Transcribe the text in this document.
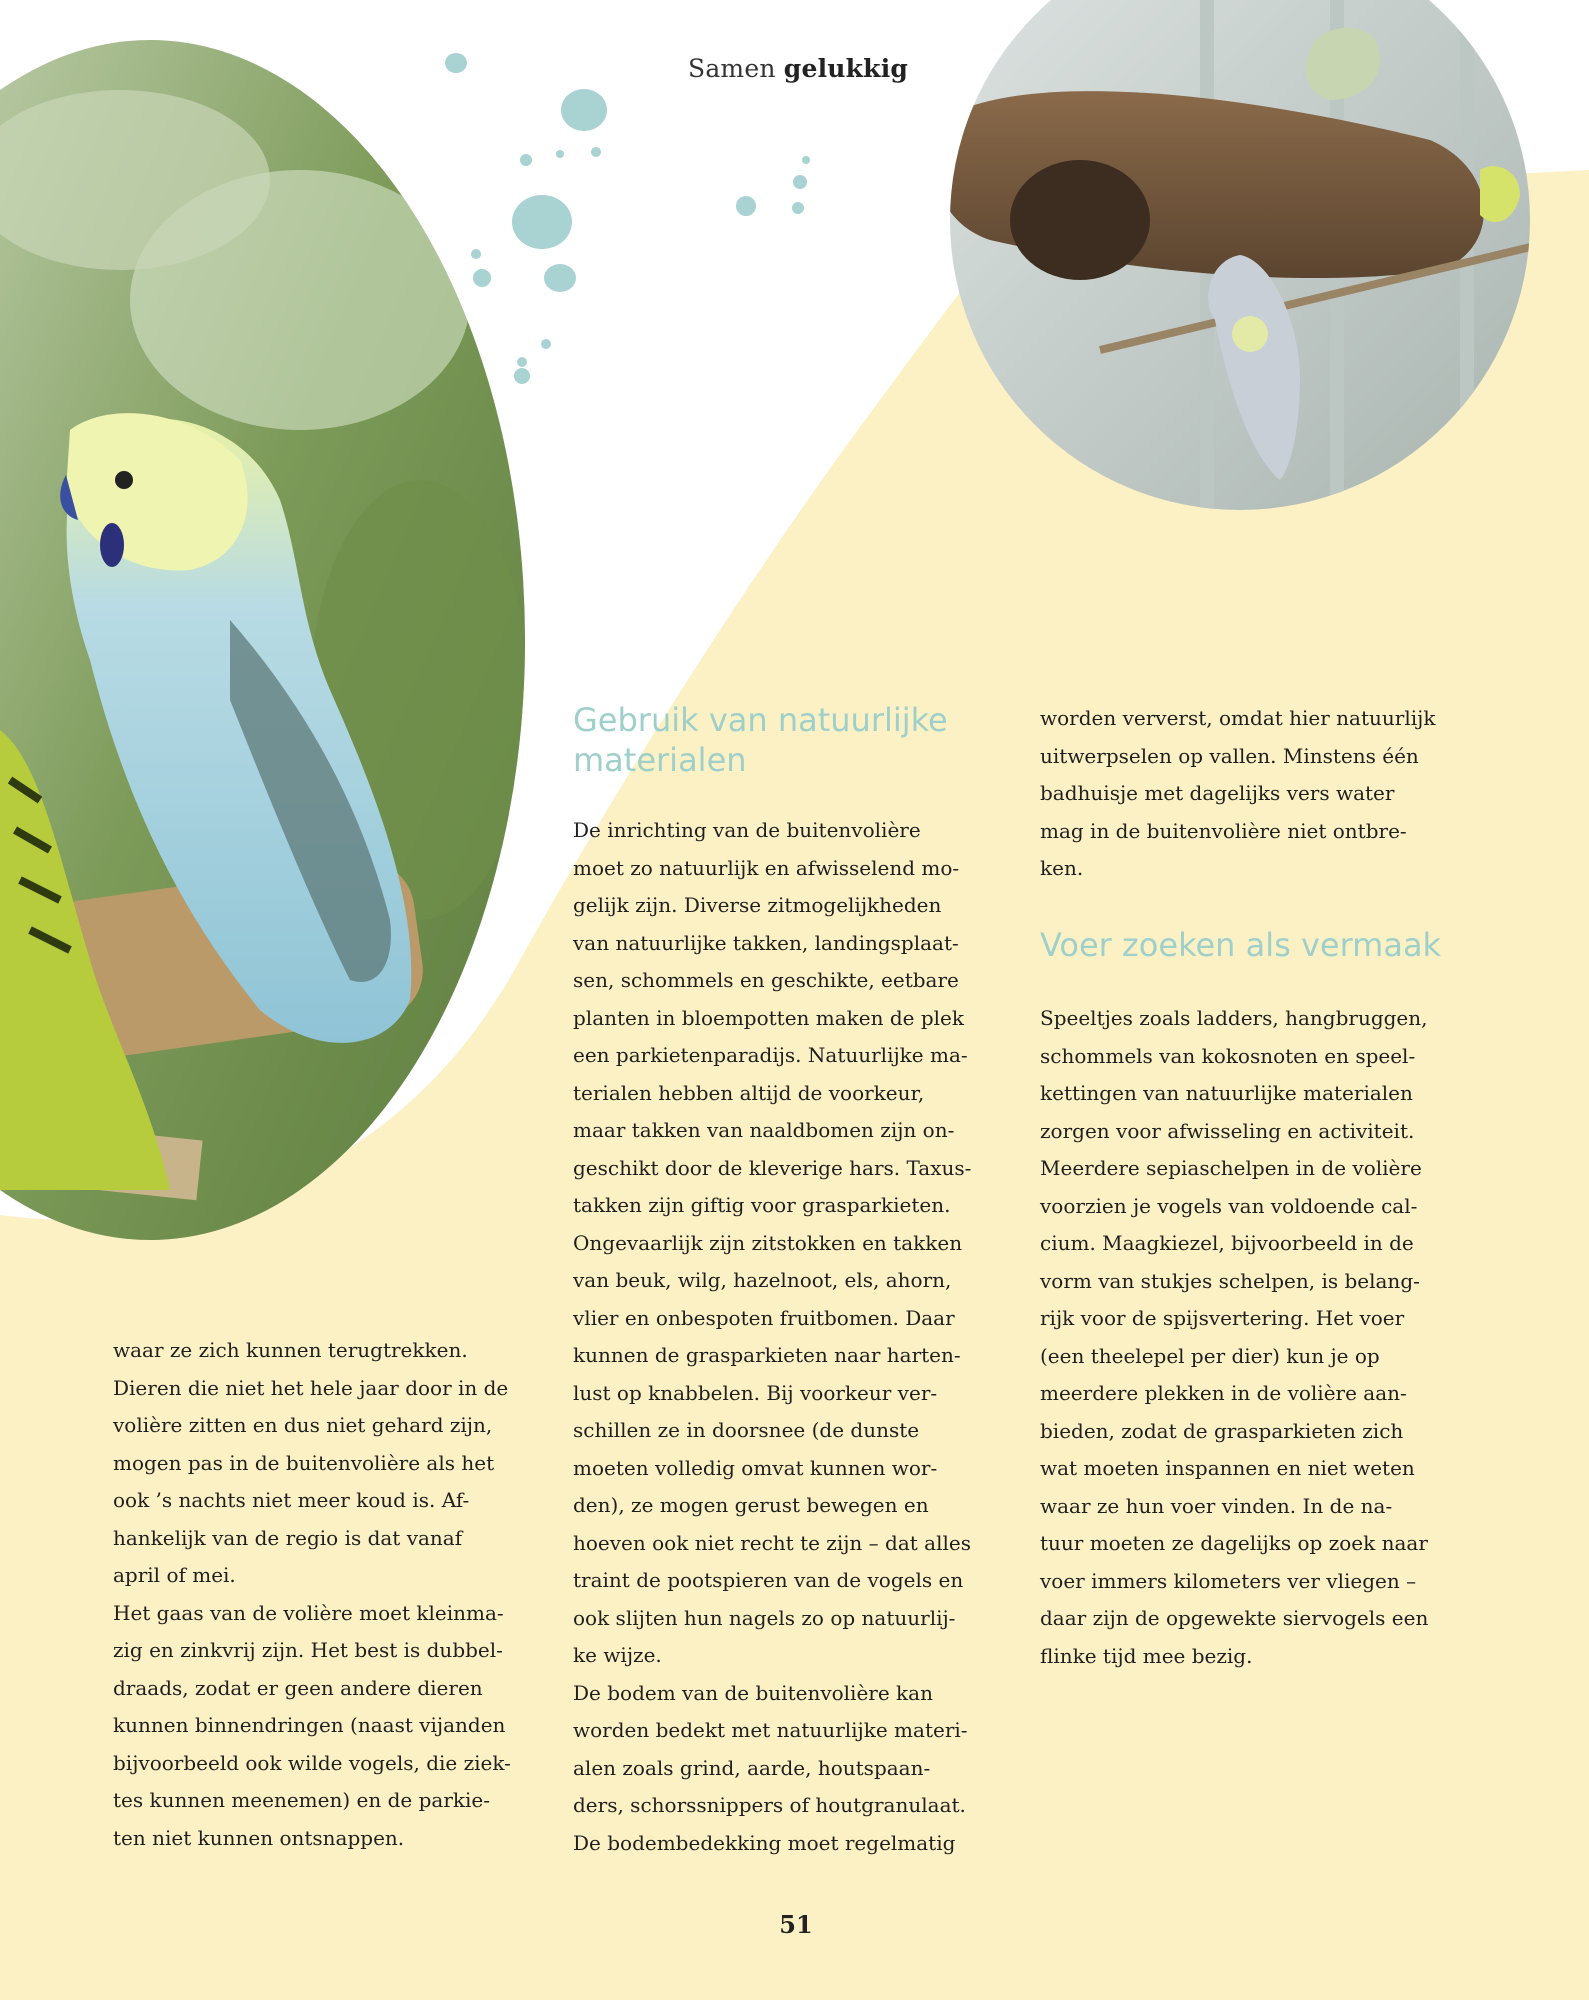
Samen gelukkig
Gebruik van natuurlijke
materialen
waar ze zich kunnen terugtrekken.
Dieren die niet het hele jaar door in de
volière zitten en dus niet gehard zijn,
mogen pas in de buitenvolière als het
ook ’s nachts niet meer koud is. Af-
hankelijk van de regio is dat vanaf
april of mei.
Het gaas van de volière moet kleinma-
zig en zinkvrij zijn. Het best is dubbel-
draads, zodat er geen andere dieren
kunnen binnendringen (naast vijanden
bijvoorbeeld ook wilde vogels, die ziek-
tes kunnen meenemen) en de parkie-
ten niet kunnen ontsnappen.
De inrichting van de buitenvolière
moet zo natuurlijk en afwisselend mo-
gelijk zijn. Diverse zitmogelijkheden
van natuurlijke takken, landingsplaat-
sen, schommels en geschikte, eetbare
planten in bloempotten maken de plek
een parkietenparadijs. Natuurlijke ma-
terialen hebben altijd de voorkeur,
maar takken van naaldbomen zijn on-
geschikt door de kleverige hars. Taxus-
takken zijn giftig voor grasparkieten.
Ongevaarlijk zijn zitstokken en takken
van beuk, wilg, hazelnoot, els, ahorn,
vlier en onbespoten fruitbomen. Daar
kunnen de grasparkieten naar harten-
lust op knabbelen. Bij voorkeur ver-
schillen ze in doorsnee (de dunste
moeten volledig omvat kunnen wor-
den), ze mogen gerust bewegen en
hoeven ook niet recht te zijn – dat alles
traint de pootspieren van de vogels en
ook slijten hun nagels zo op natuurlij-
ke wijze.
De bodem van de buitenvolière kan
worden bedekt met natuurlijke materi-
alen zoals grind, aarde, houtspaan-
ders, schorssnippers of houtgranulaat.
De bodembedekking moet regelmatig
worden ververst, omdat hier natuurlijk
uitwerpselen op vallen. Minstens één
badhuisje met dagelijks vers water
mag in de buitenvolière niet ontbre-
ken.
Voer zoeken als vermaak
Speeltjes zoals ladders, hangbruggen,
schommels van kokosnoten en speel-
kettingen van natuurlijke materialen
zorgen voor afwisseling en activiteit.
Meerdere sepiaschelpen in de volière
voorzien je vogels van voldoende cal-
cium. Maagkiezel, bijvoorbeeld in de
vorm van stukjes schelpen, is belang-
rijk voor de spijsvertering. Het voer
(een theelepel per dier) kun je op
meerdere plekken in de volière aan-
bieden, zodat de grasparkieten zich
wat moeten inspannen en niet weten
waar ze hun voer vinden. In de na-
tuur moeten ze dagelijks op zoek naar
voer immers kilometers ver vliegen –
daar zijn de opgewekte siervogels een
flinke tijd mee bezig.
51
